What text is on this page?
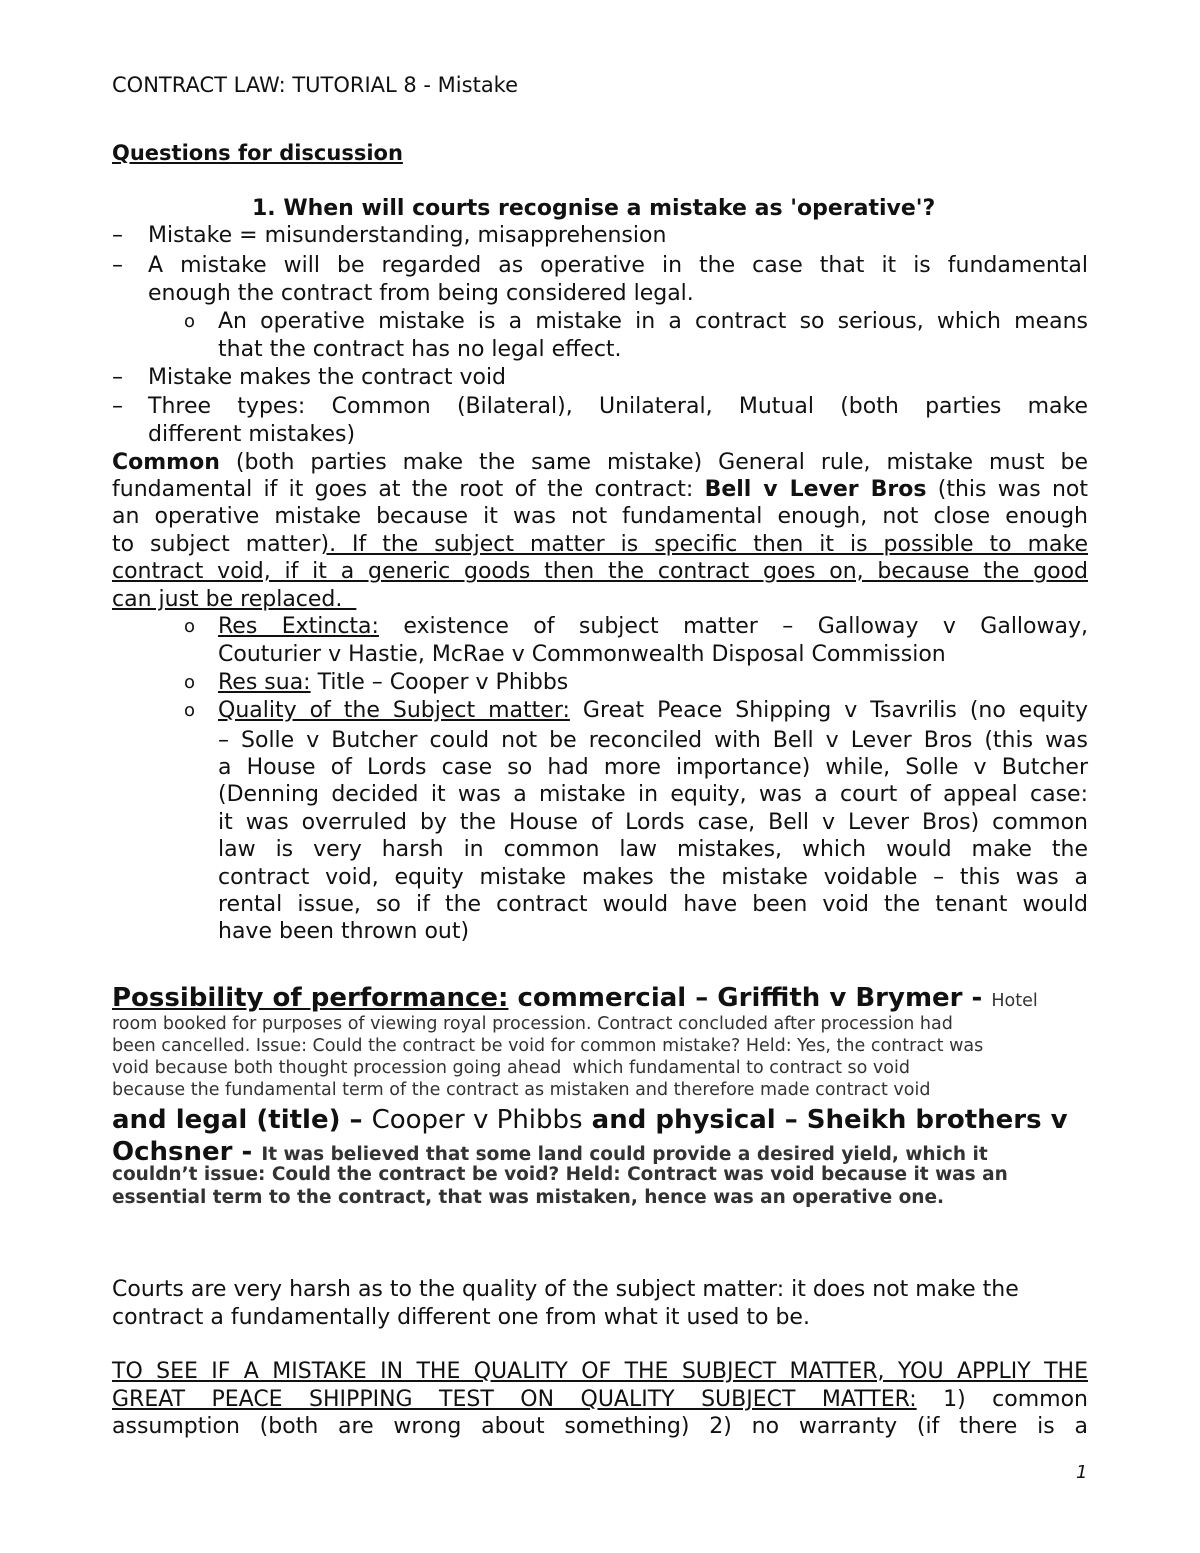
CONTRACT LAW: TUTORIAL 8 - Mistake

Questions for discussion

1. When will courts recognise a mistake as 'operative'?

–	Mistake = misunderstanding, misapprehension

–	A mistake will be regarded as operative in the case that it is fundamental

enough the contract from being considered legal.

o	An operative mistake is a mistake in a contract so serious, which means

that the contract has no legal effect.

–	Mistake makes the contract void

–	Three types: Common (Bilateral), Unilateral, Mutual (both parties make

different mistakes)

Common (both parties make the same mistake) General rule, mistake must be

fundamental if it goes at the root of the contract: Bell v Lever Bros (this was not

an operative mistake because it was not fundamental enough, not close enough

to subject matter). If the subject matter is specific then it is possible to make

contract void, if it a generic goods then the contract goes on, because the good

can just be replaced.

o	Res Extincta: existence of subject matter – Galloway v Galloway,

Couturier v Hastie, McRae v Commonwealth Disposal Commission

o	Res sua: Title – Cooper v Phibbs

o	Quality of the Subject matter: Great Peace Shipping v Tsavrilis (no equity

– Solle v Butcher could not be reconciled with Bell v Lever Bros (this was

a House of Lords case so had more importance) while, Solle v Butcher

(Denning decided it was a mistake in equity, was a court of appeal case:

it was overruled by the House of Lords case, Bell v Lever Bros) common

law is very harsh in common law mistakes, which would make the

contract void, equity mistake makes the mistake voidable – this was a

rental issue, so if the contract would have been void the tenant would

have been thrown out)

Possibility of performance: commercial – Griffith v Brymer - Hotel

room booked for purposes of viewing royal procession. Contract concluded after procession had

been cancelled. Issue: Could the contract be void for common mistake? Held: Yes, the contract was

void because both thought procession going ahead  which fundamental to contract so void

because the fundamental term of the contract as mistaken and therefore made contract void

and legal (title) – Cooper v Phibbs and physical – Sheikh brothers v

Ochsner - It was believed that some land could provide a desired yield, which it

couldn’t issue: Could the contract be void? Held: Contract was void because it was an

essential term to the contract, that was mistaken, hence was an operative one.

Courts are very harsh as to the quality of the subject matter: it does not make the

contract a fundamentally different one from what it used to be.

TO SEE IF A MISTAKE IN THE QUALITY OF THE SUBJECT MATTER, YOU APPLIY THE

GREAT PEACE SHIPPING TEST ON QUALITY SUBJECT MATTER: 1) common

assumption (both are wrong about something) 2) no warranty (if there is a

1
